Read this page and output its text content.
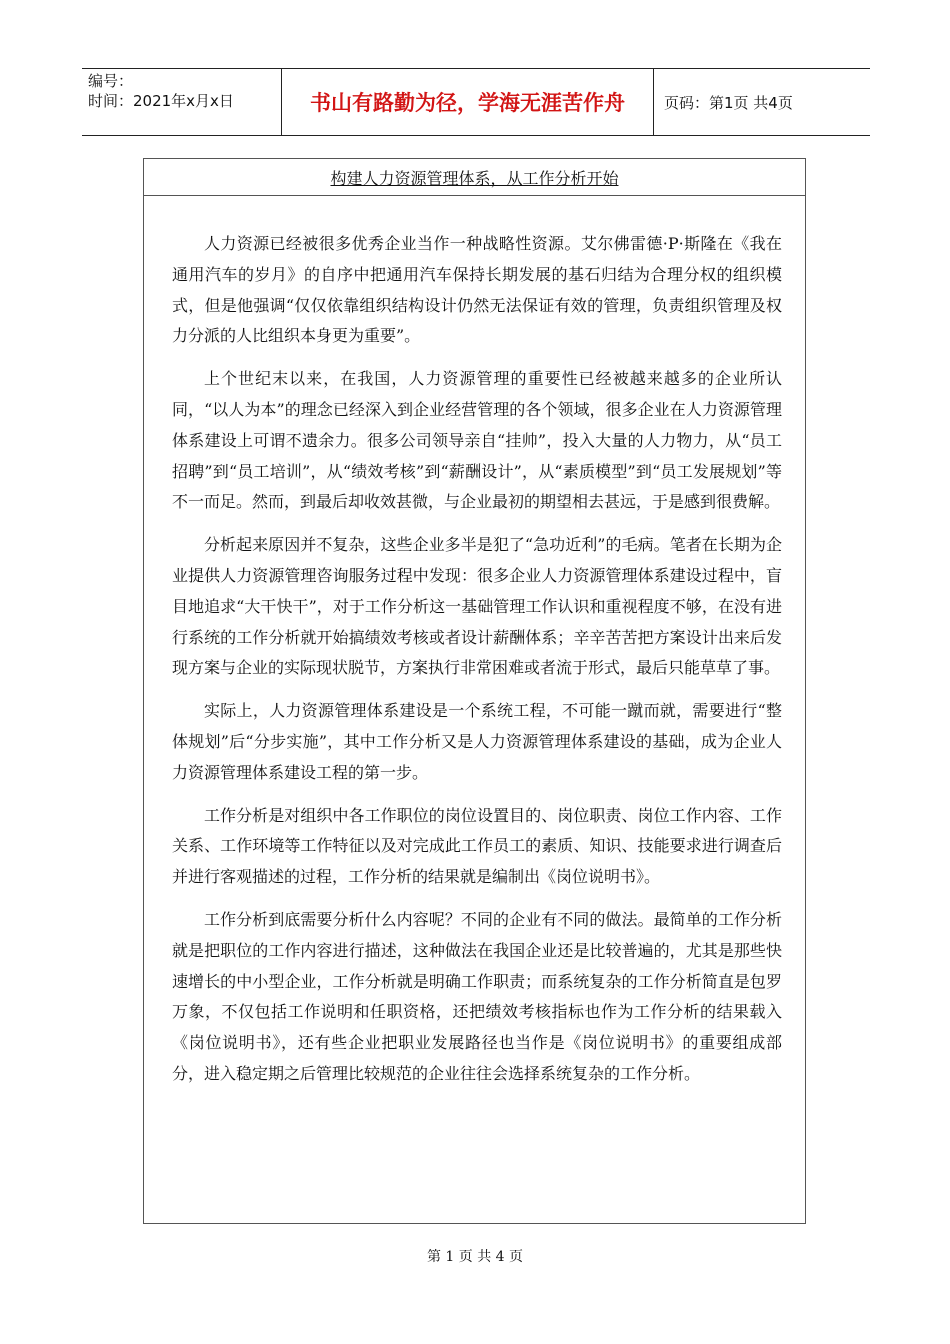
编号：
时间：2021年x月x日	书山有路勤为径，学海无涯苦作舟	页码：第1页 共4页
构建人力资源管理体系，从工作分析开始

人力资源已经被很多优秀企业当作一种战略性资源。艾尔佛雷德·P·斯隆在《我在通用汽车的岁月》的自序中把通用汽车保持长期发展的基石归结为合理分权的组织模式，但是他强调“仅仅依靠组织结构设计仍然无法保证有效的管理，负责组织管理及权力分派的人比组织本身更为重要”。

上个世纪末以来，在我国，人力资源管理的重要性已经被越来越多的企业所认同，“以人为本”的理念已经深入到企业经营管理的各个领域，很多企业在人力资源管理体系建设上可谓不遗余力。很多公司领导亲自“挂帅”，投入大量的人力物力，从“员工招聘”到“员工培训”，从“绩效考核”到“薪酬设计”，从“素质模型”到“员工发展规划”等不一而足。然而，到最后却收效甚微，与企业最初的期望相去甚远，于是感到很费解。

分析起来原因并不复杂，这些企业多半是犯了“急功近利”的毛病。笔者在长期为企业提供人力资源管理咨询服务过程中发现：很多企业人力资源管理体系建设过程中，盲目地追求“大干快干”，对于工作分析这一基础管理工作认识和重视程度不够，在没有进行系统的工作分析就开始搞绩效考核或者设计薪酬体系；辛辛苦苦把方案设计出来后发现方案与企业的实际现状脱节，方案执行非常困难或者流于形式，最后只能草草了事。

实际上，人力资源管理体系建设是一个系统工程，不可能一蹴而就，需要进行“整体规划”后“分步实施”，其中工作分析又是人力资源管理体系建设的基础，成为企业人力资源管理体系建设工程的第一步。

工作分析是对组织中各工作职位的岗位设置目的、岗位职责、岗位工作内容、工作关系、工作环境等工作特征以及对完成此工作员工的素质、知识、技能要求进行调查后并进行客观描述的过程，工作分析的结果就是编制出《岗位说明书》。

工作分析到底需要分析什么内容呢？不同的企业有不同的做法。最简单的工作分析就是把职位的工作内容进行描述，这种做法在我国企业还是比较普遍的，尤其是那些快速增长的中小型企业，工作分析就是明确工作职责；而系统复杂的工作分析简直是包罗万象，不仅包括工作说明和任职资格，还把绩效考核指标也作为工作分析的结果载入《岗位说明书》，还有些企业把职业发展路径也当作是《岗位说明书》的重要组成部分，进入稳定期之后管理比较规范的企业往往会选择系统复杂的工作分析。

第 1 页 共 4 页
